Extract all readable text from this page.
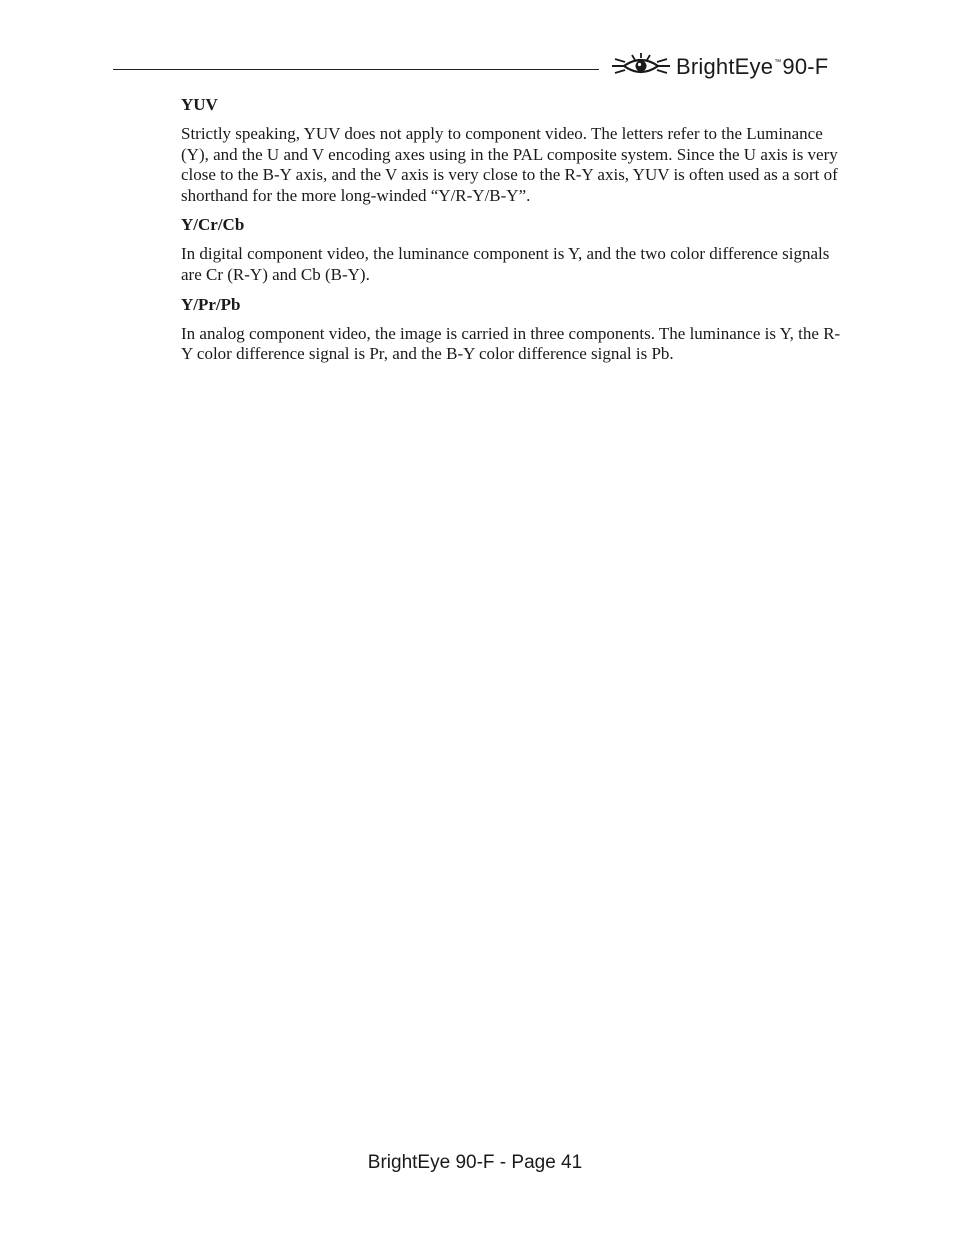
BrightEye™90-F
YUV

Strictly speaking, YUV does not apply to component video. The letters refer to the Luminance (Y), and the U and V encoding axes using in the PAL composite system. Since the U axis is very close to the B-Y axis, and the V axis is very close to the R-Y axis, YUV is often used as a sort of shorthand for the more long-winded “Y/R-Y/B-Y”.

Y/Cr/Cb

In digital component video, the luminance component is Y, and the two color difference signals are Cr (R-Y) and Cb (B-Y).

Y/Pr/Pb

In analog component video, the image is carried in three components. The luminance is Y, the R-Y color difference signal is Pr, and the B-Y color difference signal is Pb.

BrightEye 90-F - Page 41
